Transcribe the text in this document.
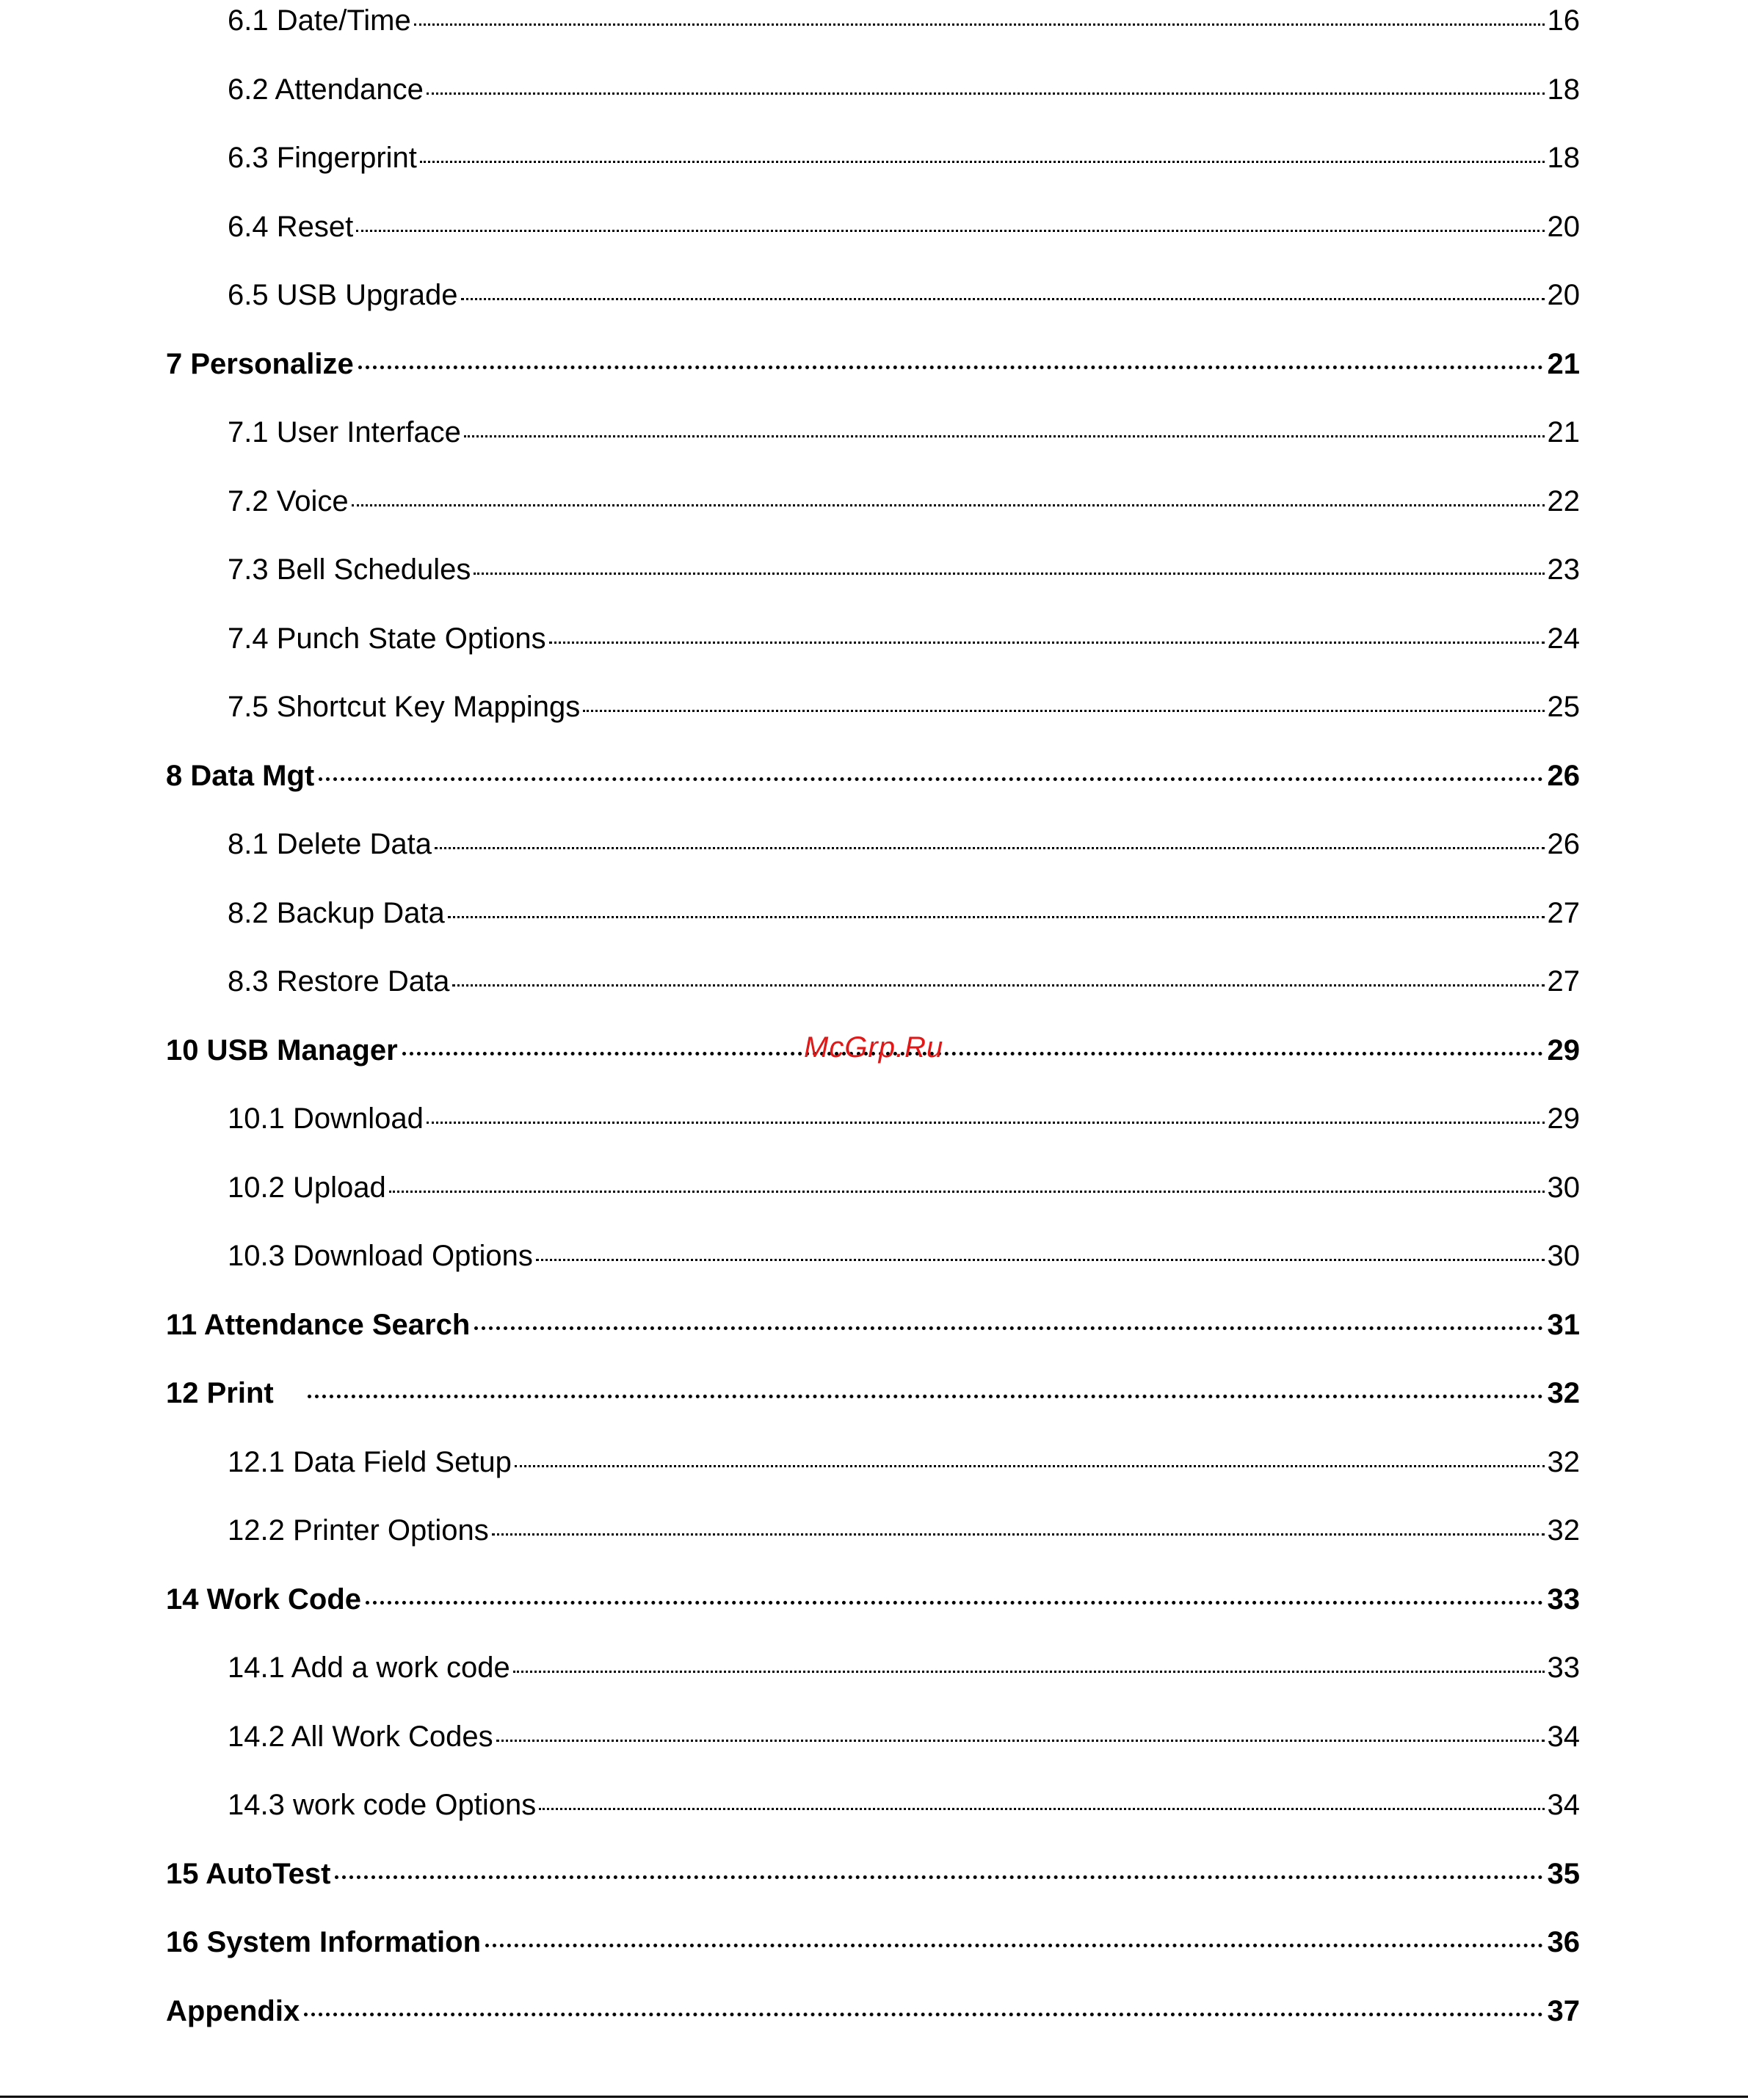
6.1 Date/Time	16
6.2 Attendance	18
6.3 Fingerprint	18
6.4 Reset	20
6.5 USB Upgrade	20
7 Personalize	21
7.1 User Interface	21
7.2 Voice	22
7.3 Bell Schedules	23
7.4 Punch State Options	24
7.5 Shortcut Key Mappings	25
8 Data Mgt	26
8.1 Delete Data	26
8.2 Backup Data	27
8.3 Restore Data	27
10 USB Manager	29
10.1 Download	29
10.2 Upload	30
10.3 Download Options	30
11 Attendance Search	31
12 Print	32
12.1 Data Field Setup	32
12.2 Printer Options	32
14 Work Code	33
14.1 Add a work code	33
14.2 All Work Codes	34
14.3 work code Options	34
15 AutoTest	35
16 System Information	36
Appendix	37
McGrp.Ru
